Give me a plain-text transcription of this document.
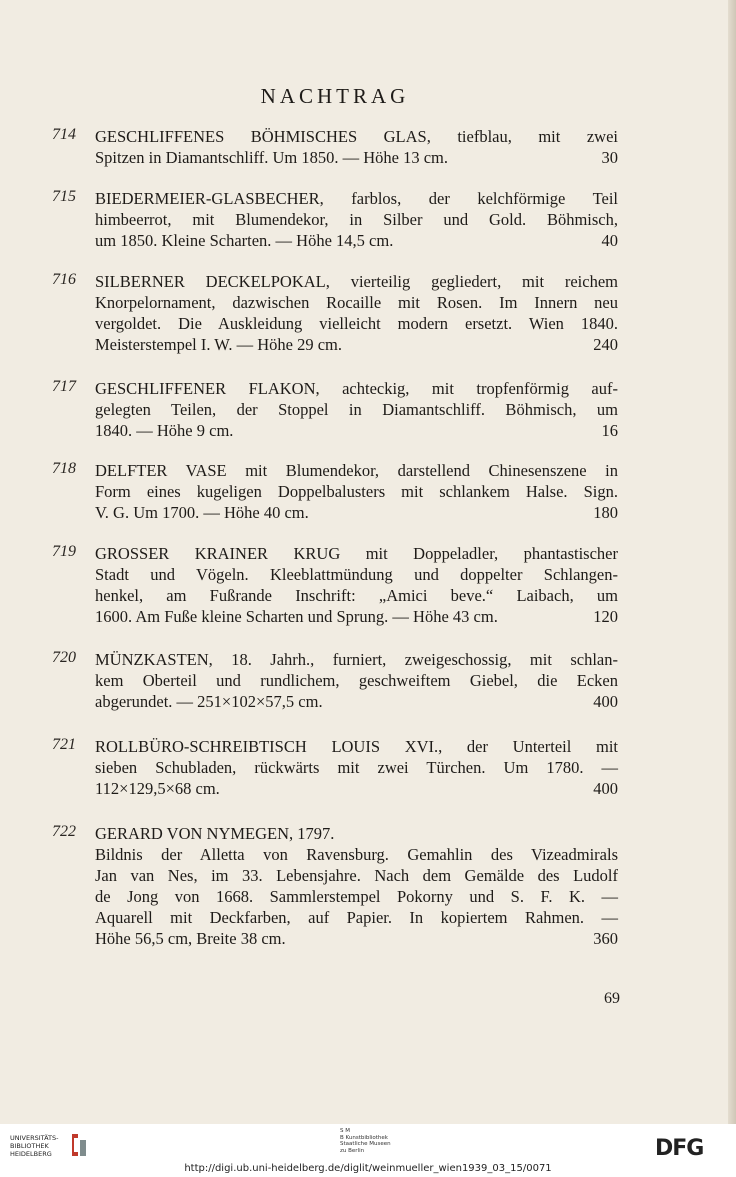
NACHTRAG
714 GESCHLIFFENES BÖHMISCHES GLAS, tiefblau, mit zwei
Spitzen in Diamantschliff. Um 1850. — Höhe 13 cm.	30
715 BIEDERMEIER-GLASBECHER, farblos, der kelchförmige Teil
himbeerrot, mit Blumendekor, in Silber und Gold. Böhmisch,
um 1850. Kleine Scharten. — Höhe 14,5 cm.	40
716 SILBERNER DECKELPOKAL, vierteilig gegliedert, mit reichem
Knorpelornament, dazwischen Rocaille mit Rosen. Im Innern neu
vergoldet. Die Auskleidung vielleicht modern ersetzt. Wien 1840.
Meisterstempel I. W. — Höhe 29 cm.	240
717 GESCHLIFFENER FLAKON, achteckig, mit tropfenförmig auf-
gelegten Teilen, der Stoppel in Diamantschliff. Böhmisch, um
1840. — Höhe 9 cm.	16
718 DELFTER VASE mit Blumendekor, darstellend Chinesenszene in
Form eines kugeligen Doppelbalusters mit schlankem Halse. Sign.
V. G. Um 1700. — Höhe 40 cm.	180
719 GROSSER KRAINER KRUG mit Doppeladler, phantastischer
Stadt und Vögeln. Kleeblattmündung und doppelter Schlangen-
henkel, am Fußrande Inschrift: „Amici beve.“ Laibach, um
1600. Am Fuße kleine Scharten und Sprung. — Höhe 43 cm.	120
720 MÜNZKASTEN, 18. Jahrh., furniert, zweigeschossig, mit schlan-
kem Oberteil und rundlichem, geschweiftem Giebel, die Ecken
abgerundet. — 251×102×57,5 cm.	400
721 ROLLBÜRO-SCHREIBTISCH LOUIS XVI., der Unterteil mit
sieben Schubladen, rückwärts mit zwei Türchen. Um 1780. —
112×129,5×68 cm.	400
722 GERARD VON NYMEGEN, 1797.
Bildnis der Alletta von Ravensburg. Gemahlin des Vizeadmirals
Jan van Nes, im 33. Lebensjahre. Nach dem Gemälde des Ludolf
de Jong von 1668. Sammlerstempel Pokorny und S. F. K. —
Aquarell mit Deckfarben, auf Papier. In kopiertem Rahmen. —
Höhe 56,5 cm, Breite 38 cm.	360
69
UNIVERSITÄTS-
BIBLIOTHEK
HEIDELBERG
S M
B Kunstbibliothek
Staatliche Museen
zu Berlin
http://digi.ub.uni-heidelberg.de/diglit/weinmueller_wien1939_03_15/0071
DFG
